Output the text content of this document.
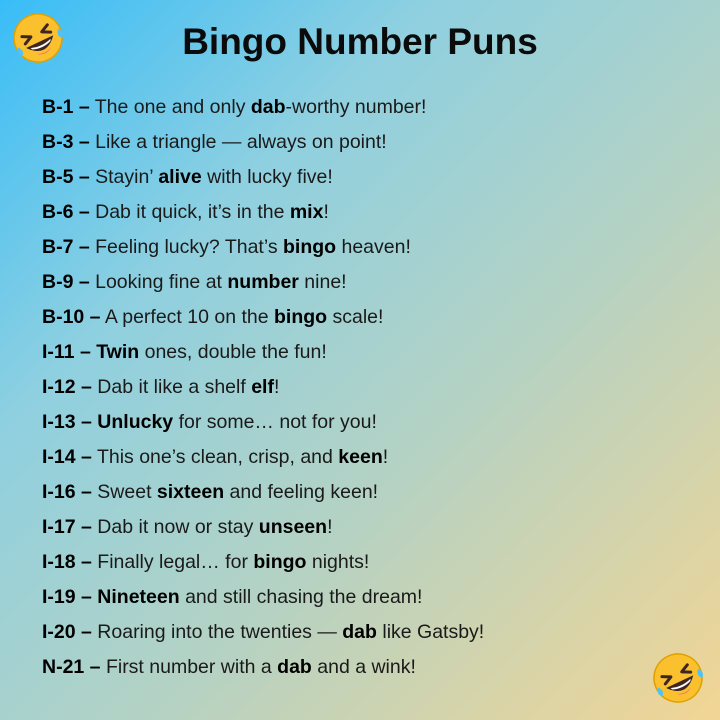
Bingo Number Puns
B-1 – The one and only dab-worthy number!
B-3 – Like a triangle — always on point!
B-5 – Stayin’ alive with lucky five!
B-6 – Dab it quick, it’s in the mix!
B-7 – Feeling lucky? That’s bingo heaven!
B-9 – Looking fine at number nine!
B-10 – A perfect 10 on the bingo scale!
I-11 – Twin ones, double the fun!
I-12 – Dab it like a shelf elf!
I-13 – Unlucky for some… not for you!
I-14 – This one’s clean, crisp, and keen!
I-16 – Sweet sixteen and feeling keen!
I-17 – Dab it now or stay unseen!
I-18 – Finally legal… for bingo nights!
I-19 – Nineteen and still chasing the dream!
I-20 – Roaring into the twenties — dab like Gatsby!
N-21 – First number with a dab and a wink!
